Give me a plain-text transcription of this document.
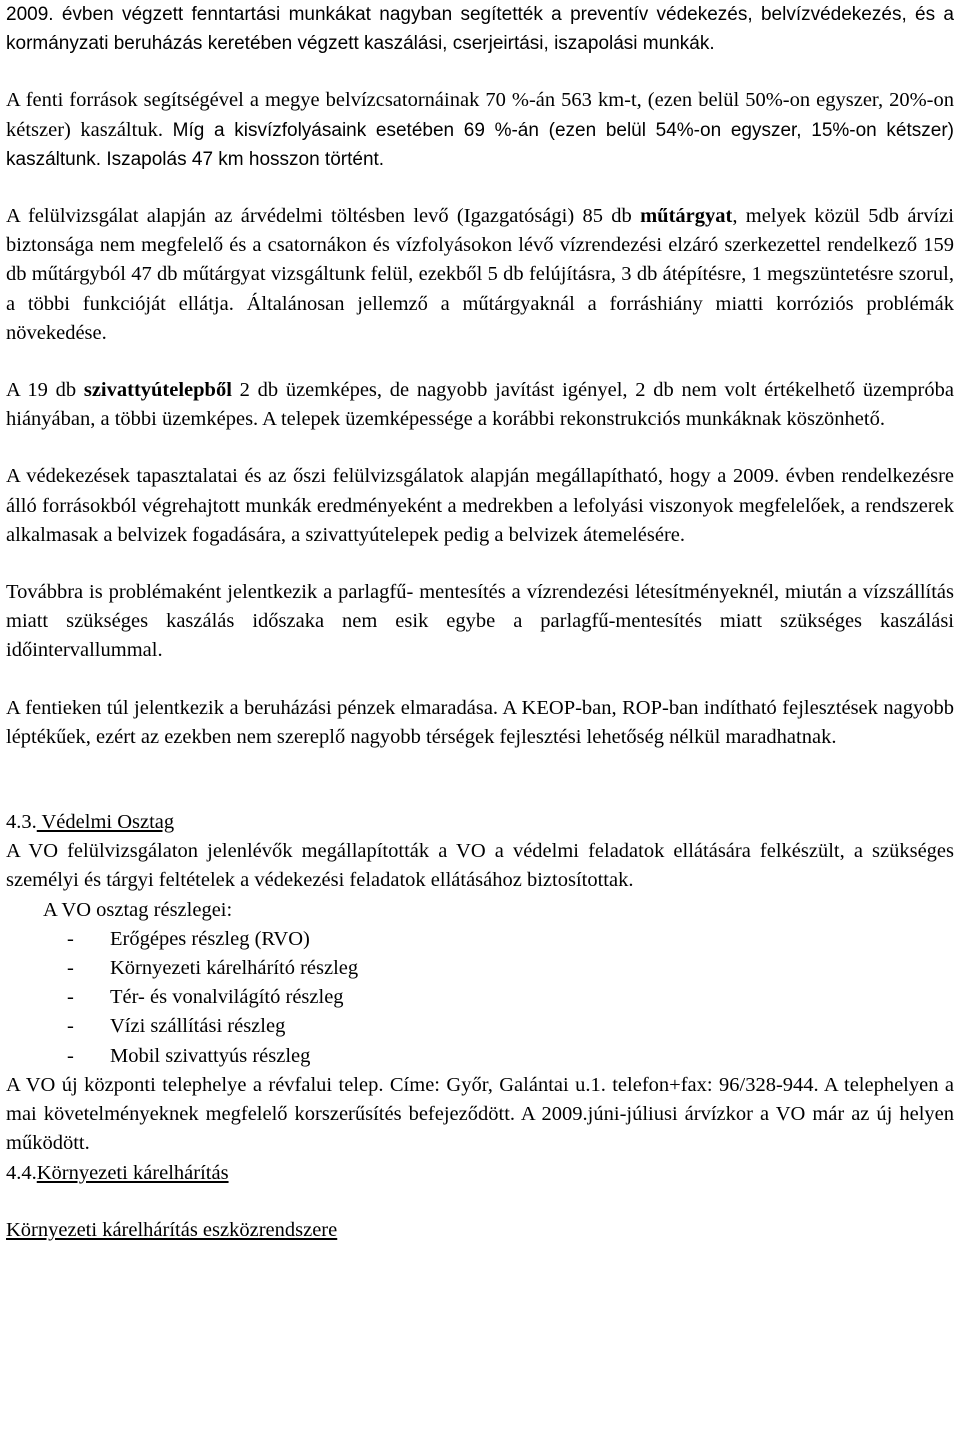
2009. évben végzett fenntartási munkákat nagyban segítették a preventív védekezés, belvízvédekezés, és a kormányzati beruházás keretében végzett kaszálási, cserjeirtási, iszapolási munkák.

A fenti források segítségével a megye belvízcsatornáinak 70 %-án 563 km-t, (ezen belül 50%-on egyszer, 20%-on kétszer) kaszáltuk. Míg a kisvízfolyásaink esetében 69 %-án (ezen belül 54%-on egyszer, 15%-on kétszer) kaszáltunk. Iszapolás 47 km hosszon történt.

A felülvizsgálat alapján az árvédelmi töltésben levő (Igazgatósági) 85 db műtárgyat, melyek közül 5db árvízi biztonsága nem megfelelő és a csatornákon és vízfolyásokon lévő vízrendezési elzáró szerkezettel rendelkező 159 db műtárgyból 47 db műtárgyat vizsgáltunk felül, ezekből 5 db felújításra, 3 db átépítésre, 1 megszüntetésre szorul, a többi funkcióját ellátja. Általánosan jellemző a műtárgyaknál a forráshiány miatti korróziós problémák növekedése.

A 19 db szivattyútelepből 2 db üzemképes, de nagyobb javítást igényel, 2 db nem volt értékelhető üzempróba hiányában, a többi üzemképes. A telepek üzemképessége a korábbi rekonstrukciós munkáknak köszönhető.

A védekezések tapasztalatai és az őszi felülvizsgálatok alapján megállapítható, hogy a 2009. évben rendelkezésre álló forrásokból végrehajtott munkák eredményeként a medrekben a lefolyási viszonyok megfelelőek, a rendszerek alkalmasak a belvizek fogadására, a szivattyútelepek pedig a belvizek átemelésére.

Továbbra is problémaként jelentkezik a parlagfű- mentesítés a vízrendezési létesítményeknél, miután a vízszállítás miatt szükséges kaszálás időszaka nem esik egybe a parlagfű-mentesítés miatt szükséges kaszálási időintervallummal.

A fentieken túl jelentkezik a beruházási pénzek elmaradása. A KEOP-ban, ROP-ban indítható fejlesztések nagyobb léptékűek, ezért az ezekben nem szereplő nagyobb térségek fejlesztési lehetőség nélkül maradhatnak.

4.3. Védelmi Osztag

A VO felülvizsgálaton jelenlévők megállapították a VO a védelmi feladatok ellátására felkészült, a szükséges személyi és tárgyi feltételek a védekezési feladatok ellátásához biztosítottak.

A VO osztag részlegei:
- Erőgépes részleg (RVO)
- Környezeti kárelhárító részleg
- Tér- és vonalvilágító részleg
- Vízi szállítási részleg
- Mobil szivattyús részleg

A VO új központi telephelye a révfalui telep. Címe: Győr, Galántai u.1. telefon+fax: 96/328-944. A telephelyen a mai követelményeknek megfelelő korszerűsítés befejeződött. A 2009.júni-júliusi árvízkor a VO már az új helyen működött.

4.4.Környezeti kárelhárítás
Környezeti kárelhárítás eszközrendszere
